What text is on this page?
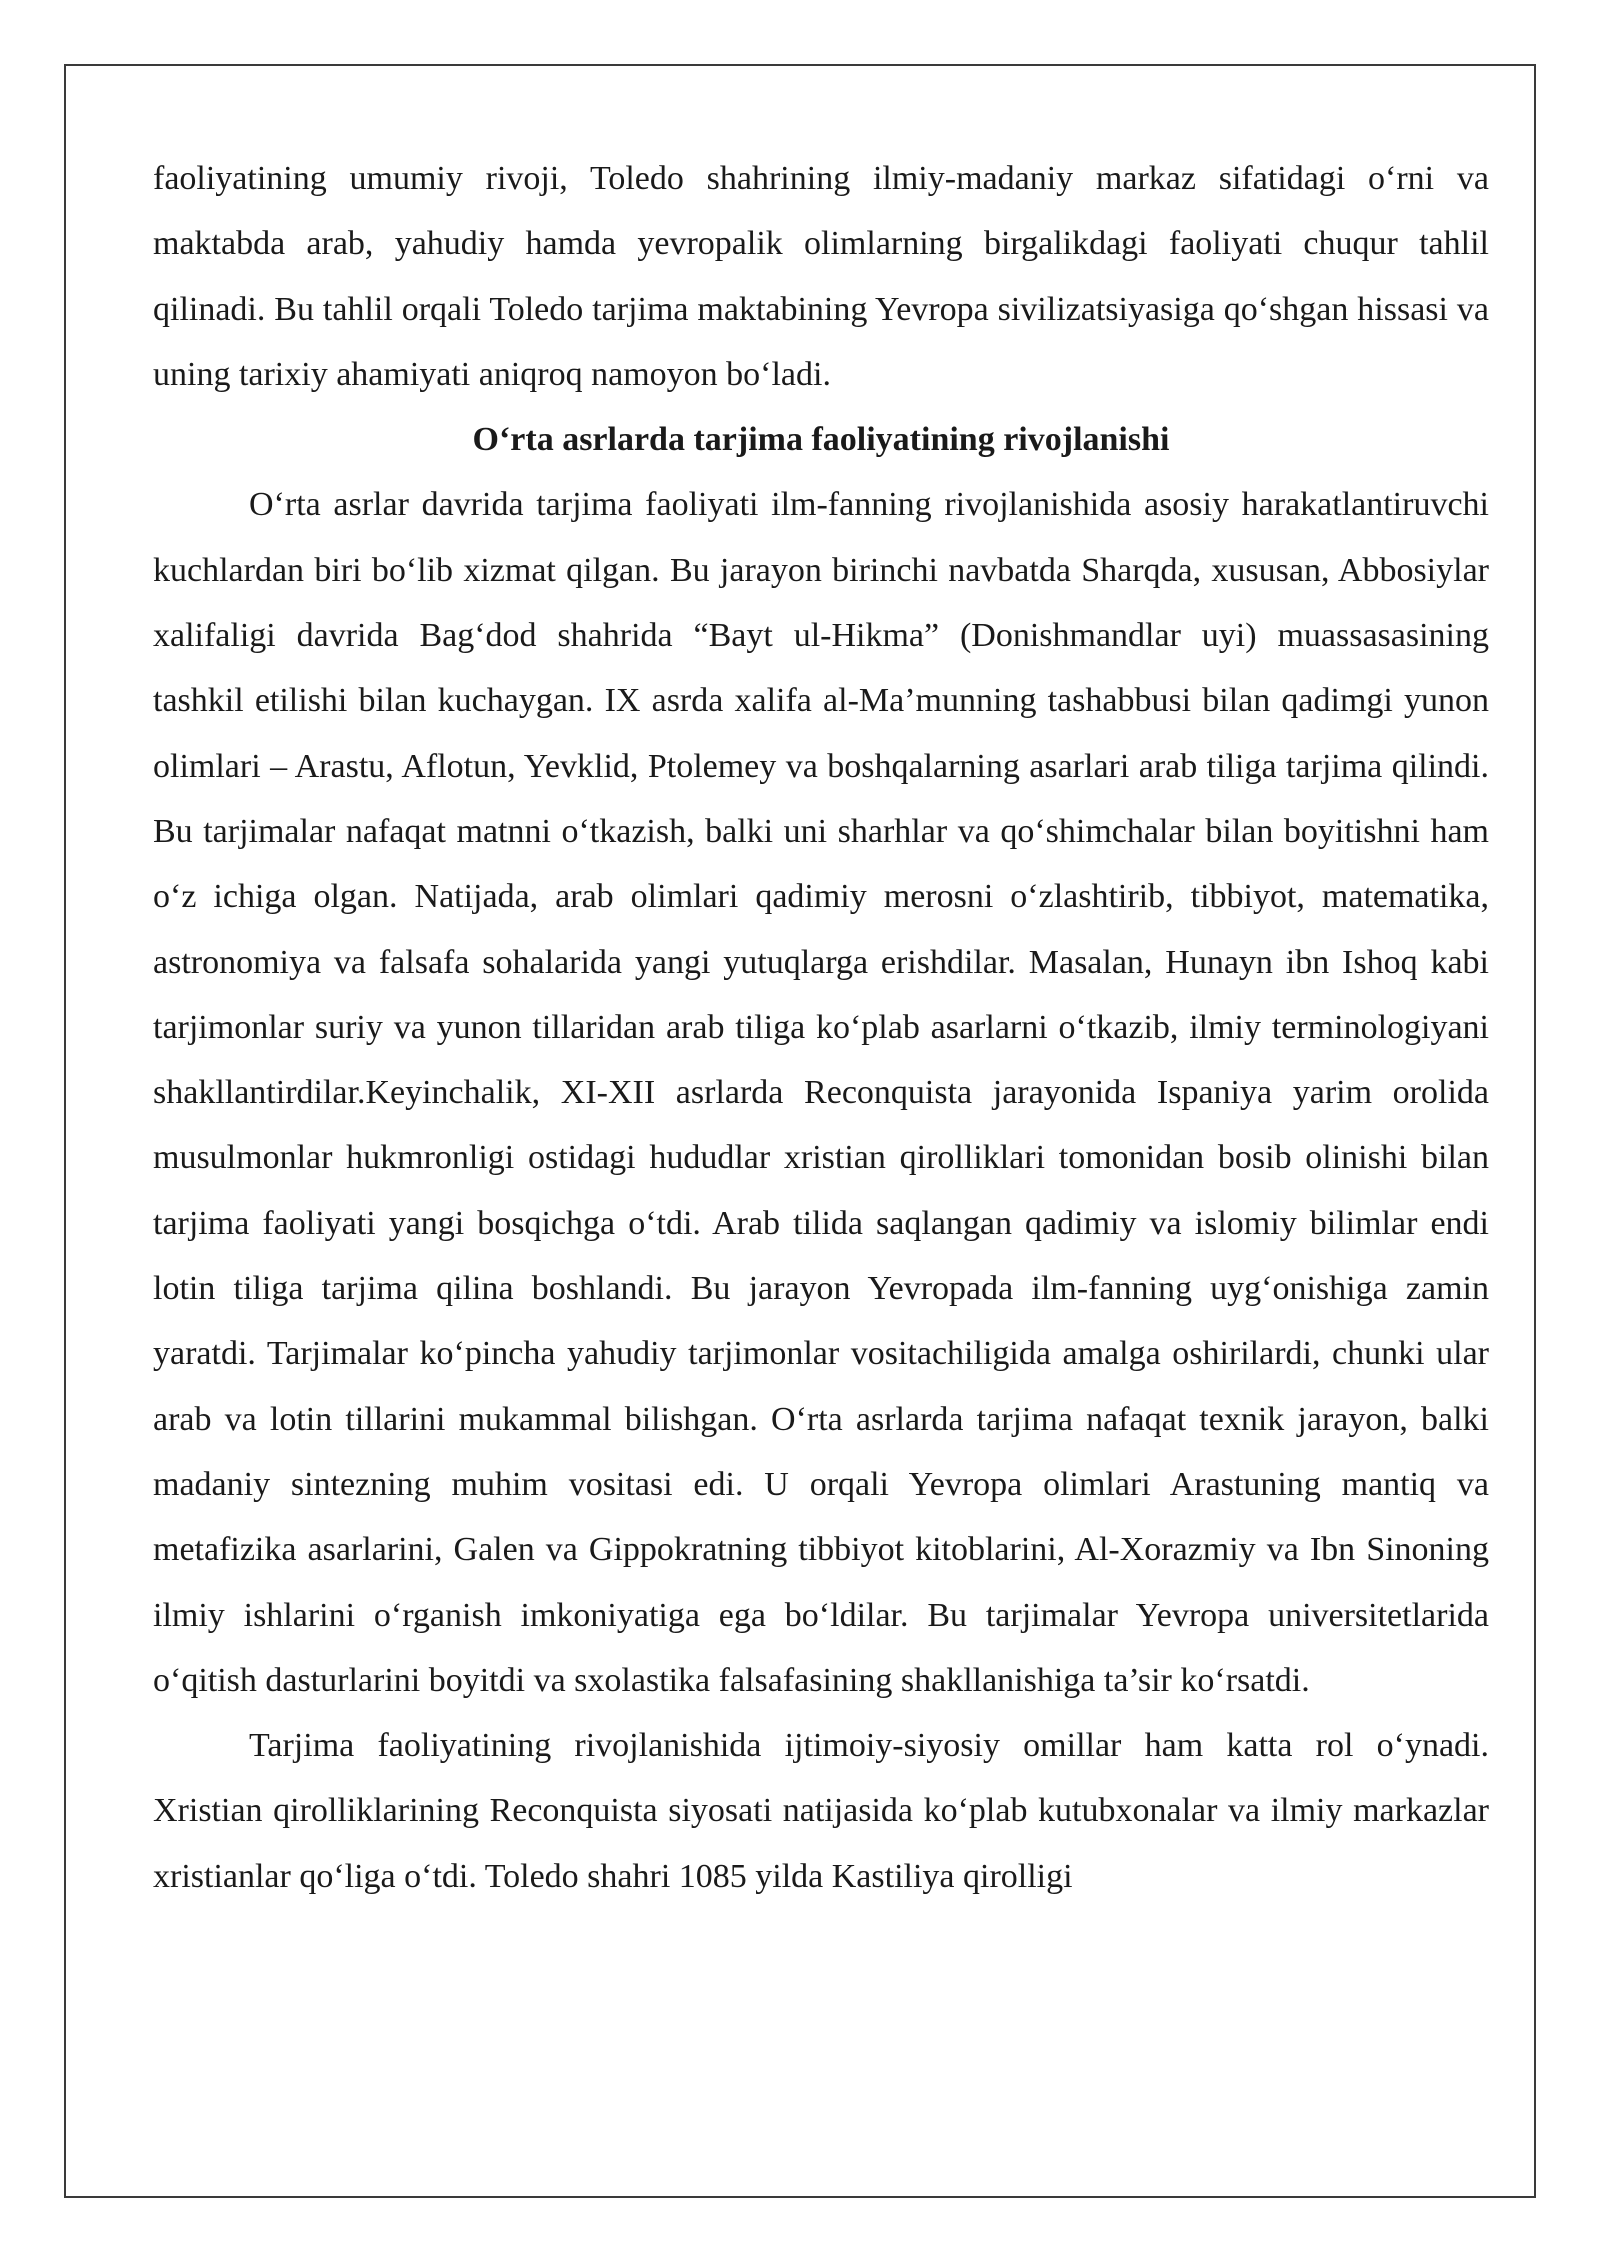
faoliyatining umumiy rivoji, Toledo shahrining ilmiy-madaniy markaz sifatidagi o‘rni va maktabda arab, yahudiy hamda yevropalik olimlarning birgalikdagi faoliyati chuqur tahlil qilinadi. Bu tahlil orqali Toledo tarjima maktabining Yevropa sivilizatsiyasiga qo‘shgan hissasi va uning tarixiy ahamiyati aniqroq namoyon bo‘ladi.

O‘rta asrlarda tarjima faoliyatining rivojlanishi

O‘rta asrlar davrida tarjima faoliyati ilm-fanning rivojlanishida asosiy harakatlantiruvchi kuchlardan biri bo‘lib xizmat qilgan. Bu jarayon birinchi navbatda Sharqda, xususan, Abbosiylar xalifaligi davrida Bag‘dod shahrida “Bayt ul-Hikma” (Donishmandlar uyi) muassasasining tashkil etilishi bilan kuchaygan. IX asrda xalifa al-Ma’munning tashabbusi bilan qadimgi yunon olimlari – Arastu, Aflotun, Yevklid, Ptolemey va boshqalarning asarlari arab tiliga tarjima qilindi. Bu tarjimalar nafaqat matnni o‘tkazish, balki uni sharhlar va qo‘shimchalar bilan boyitishni ham o‘z ichiga olgan. Natijada, arab olimlari qadimiy merosni o‘zlashtirib, tibbiyot, matematika, astronomiya va falsafa sohalarida yangi yutuqlarga erishdilar. Masalan, Hunayn ibn Ishoq kabi tarjimonlar suriy va yunon tillaridan arab tiliga ko‘plab asarlarni o‘tkazib, ilmiy terminologiyani shakllantirdilar.Keyinchalik, XI-XII asrlarda Reconquista jarayonida Ispaniya yarim orolida musulmonlar hukmronligi ostidagi hududlar xristian qirolliklari tomonidan bosib olinishi bilan tarjima faoliyati yangi bosqichga o‘tdi. Arab tilida saqlangan qadimiy va islomiy bilimlar endi lotin tiliga tarjima qilina boshlandi. Bu jarayon Yevropada ilm-fanning uyg‘onishiga zamin yaratdi. Tarjimalar ko‘pincha yahudiy tarjimonlar vositachiligida amalga oshirilardi, chunki ular arab va lotin tillarini mukammal bilishgan. O‘rta asrlarda tarjima nafaqat texnik jarayon, balki madaniy sintezning muhim vositasi edi. U orqali Yevropa olimlari Arastuning mantiq va metafizika asarlarini, Galen va Gippokratning tibbiyot kitoblarini, Al-Xorazmiy va Ibn Sinoning ilmiy ishlarini o‘rganish imkoniyatiga ega bo‘ldilar. Bu tarjimalar Yevropa universitetlarida o‘qitish dasturlarini boyitdi va sxolastika falsafasining shakllanishiga ta’sir ko‘rsatdi.

Tarjima faoliyatining rivojlanishida ijtimoiy-siyosiy omillar ham katta rol o‘ynadi. Xristian qirolliklarining Reconquista siyosati natijasida ko‘plab kutubxonalar va ilmiy markazlar xristianlar qo‘liga o‘tdi. Toledo shahri 1085 yilda Kastiliya qirolligi
